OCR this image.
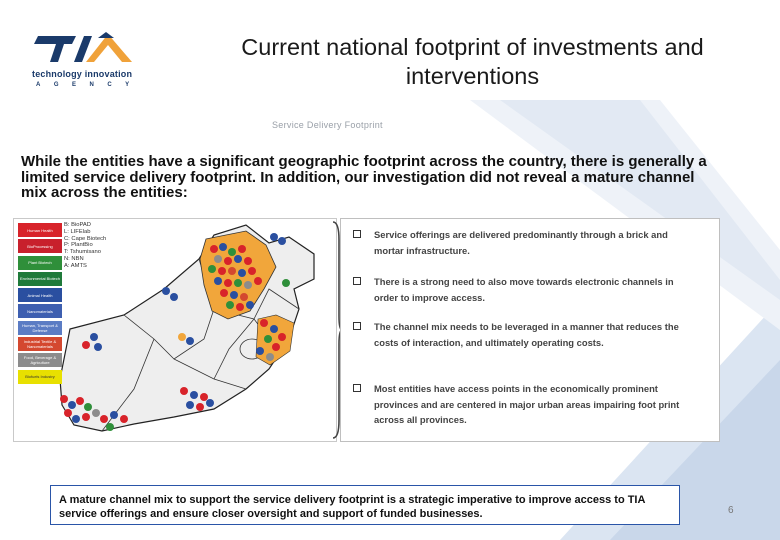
technology innovation
AGENCY
Current national footprint of investments and interventions
Service Delivery Footprint
While the entities have a significant geographic footprint across the country, there is generally a limited service delivery footprint. In addition, our investigation did not reveal a mature channel mix across the entities:
Human Health
BioProcessing
Plant Biotech
Environmental Biotech
Animal Health
Nanomaterials
Human, Transport & Defense
Industrial Textile & Nanomaterials
Food, Beverage & Agriculture
Biofuels Industry
B: BioPAD
L: LIFElab
C: Cape Biotech
P: PlantBio
T: Tshumisano
N: NBN
A: AMTS
Service offerings are delivered predominantly through a brick and mortar infrastructure.
There is a strong need to also move towards electronic channels in order to improve access.
The channel mix needs to be leveraged in a manner that reduces the costs of interaction, and ultimately operating costs.
Most entities have access points in the economically prominent provinces and are centered in major urban areas impairing foot print across all provinces.
A mature channel mix to support the service delivery footprint is a strategic imperative to improve access to TIA service offerings and ensure closer oversight and support of funded businesses.	6
